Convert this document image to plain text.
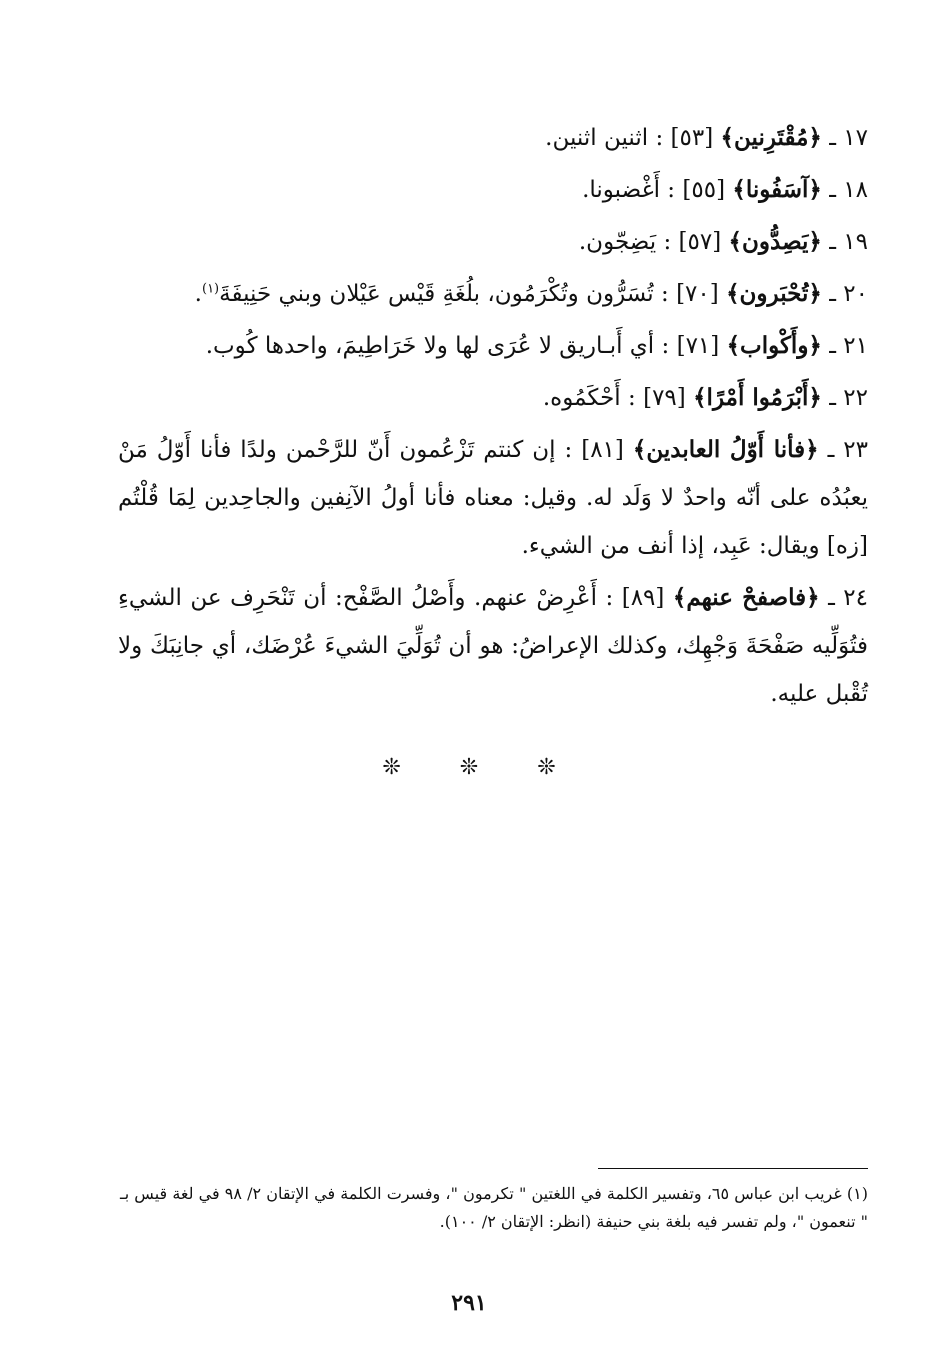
١٧ ـ ﴿مُقْتَرِنين﴾ [٥٣] : اثنين اثنين.

١٨ ـ ﴿آسَفُونا﴾ [٥٥] : أَغْضبونا.

١٩ ـ ﴿يَصِدُّون﴾ [٥٧] : يَضِجّون.

٢٠ ـ ﴿تُحْبَرون﴾ [٧٠] : تُسَرُّون وتُكْرَمُون، بلُغَةِ قَيْس عَيْلان وبني حَنِيفَةَ$^{(١)}$.

٢١ ـ ﴿وأَكْواب﴾ [٧١] : أي أَبـاريق لا عُرَى لها ولا خَرَاطِيمَ، واحدها كُوب.

٢٢ ـ ﴿أَبْرَمُوا أَمْرًا﴾ [٧٩] : أَحْكَمُوه.

٢٣ ـ ﴿فأنا أَوّلُ العابدين﴾ [٨١] : إن كنتم تَزْعُمون أَنّ للرَّحْمن ولدًا فأنا أَوّلُ مَنْ يعبُدُه على أنّه واحدٌ لا وَلَد له. وقيل: معناه فأنا أولُ الآنِفين والجاحِدين لِمَا قُلْتُم [زه] ويقال: عَبِد، إذا أنف من الشيء.

٢٤ ـ ﴿فاصفحْ عنهم﴾ [٨٩] : أَعْرِضْ عنهم. وأَصْلُ الصَّفْح: أن تَنْحَرِف عن الشيءِ فتُوَلِّيه صَفْحَةَ وَجْهِك، وكذلك الإعراضُ: هو أن تُوَلِّيَ الشيءَ عُرْضَك، أي جانِبَكَ ولا تُقْبل عليه.

❊	❊	❊
(١) غريب ابن عباس ٦٥، وتفسير الكلمة في اللغتين " تكرمون "، وفسرت الكلمة في الإتقان ٢/ ٩٨ في لغة قيس بـ " تنعمون "، ولم تفسر فيه بلغة بني حنيفة (انظر: الإتقان ٢/ ١٠٠).
٢٩١
